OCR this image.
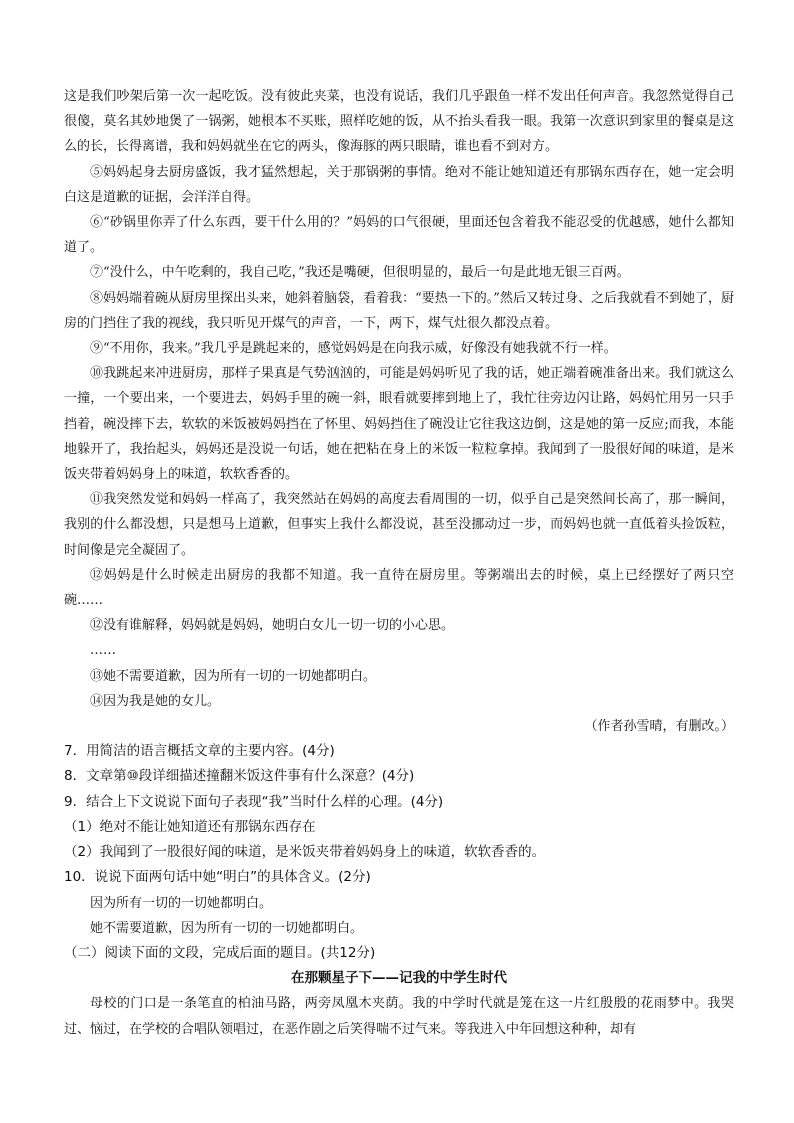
这是我们吵架后第一次一起吃饭。没有彼此夹菜，也没有说话，我们几乎跟鱼一样不发出任何声音。我忽然觉得自己很傻，莫名其妙地煲了一锅粥，她根本不买账，照样吃她的饭，从不抬头看我一眼。我第一次意识到家里的餐桌是这么的长，长得离谱，我和妈妈就坐在它的两头，像海豚的两只眼睛，谁也看不到对方。

⑤妈妈起身去厨房盛饭，我才猛然想起，关于那锅粥的事情。绝对不能让她知道还有那锅东西存在，她一定会明白这是道歉的证据，会洋洋自得。

⑥“砂锅里你弄了什么东西，要干什么用的？”妈妈的口气很硬，里面还包含着我不能忍受的优越感，她什么都知道了。

⑦“没什么，中午吃剩的，我自己吃，”我还是嘴硬，但很明显的，最后一句是此地无银三百两。

⑧妈妈端着碗从厨房里探出头来，她斜着脑袋，看着我：“要热一下的。”然后又转过身、之后我就看不到她了，厨房的门挡住了我的视线，我只听见开煤气的声音，一下，两下，煤气灶很久都没点着。

⑨“不用你，我来。”我几乎是跳起来的，感觉妈妈是在向我示威，好像没有她我就不行一样。

⑩我跳起来冲进厨房，那样子果真是气势汹汹的，可能是妈妈听见了我的话，她正端着碗准备出来。我们就这么一撞，一个要出来，一个要进去，妈妈手里的碗一斜，眼看就要摔到地上了，我忙往旁边闪让路，妈妈忙用另一只手挡着，碗没摔下去，软软的米饭被妈妈挡在了怀里、妈妈挡住了碗没让它往我这边倒，这是她的第一反应;而我，本能地躲开了，我抬起头，妈妈还是没说一句话，她在把粘在身上的米饭一粒粒拿掉。我闻到了一股很好闻的味道，是米饭夹带着妈妈身上的味道，软软香香的。

⑪我突然发觉和妈妈一样高了，我突然站在妈妈的高度去看周围的一切，似乎自己是突然间长高了，那一瞬间，我别的什么都没想，只是想马上道歉，但事实上我什么都没说，甚至没挪动过一步，而妈妈也就一直低着头捡饭粒，时间像是完全凝固了。

⑫妈妈是什么时候走出厨房的我都不知道。我一直待在厨房里。等粥端出去的时候，桌上已经摆好了两只空碗……

⑫没有谁解释，妈妈就是妈妈，她明白女儿一切一切的小心思。

……

⑬她不需要道歉，因为所有一切的一切她都明白。

⑭因为我是她的女儿。

（作者孙雪晴，有删改。）

7．用简洁的语言概括文章的主要内容。(4分)

8．文章第⑩段详细描述撞翻米饭这件事有什么深意？(4分)

9．结合上下文说说下面句子表现“我”当时什么样的心理。(4分)

（1）绝对不能让她知道还有那锅东西存在

（2）我闻到了一股很好闻的味道，是米饭夹带着妈妈身上的味道，软软香香的。

10．说说下面两句话中她“明白”的具体含义。(2分)

因为所有一切的一切她都明白。

她不需要道歉，因为所有一切的一切她都明白。

（二）阅读下面的文段，完成后面的题目。(共12分)

在那颗星子下——记我的中学生时代

母校的门口是一条笔直的柏油马路，两旁凤凰木夹荫。我的中学时代就是笼在这一片红殷殷的花雨梦中。我哭过、恼过，在学校的合唱队领唱过，在恶作剧之后笑得喘不过气来。等我进入中年回想这种种，却有
